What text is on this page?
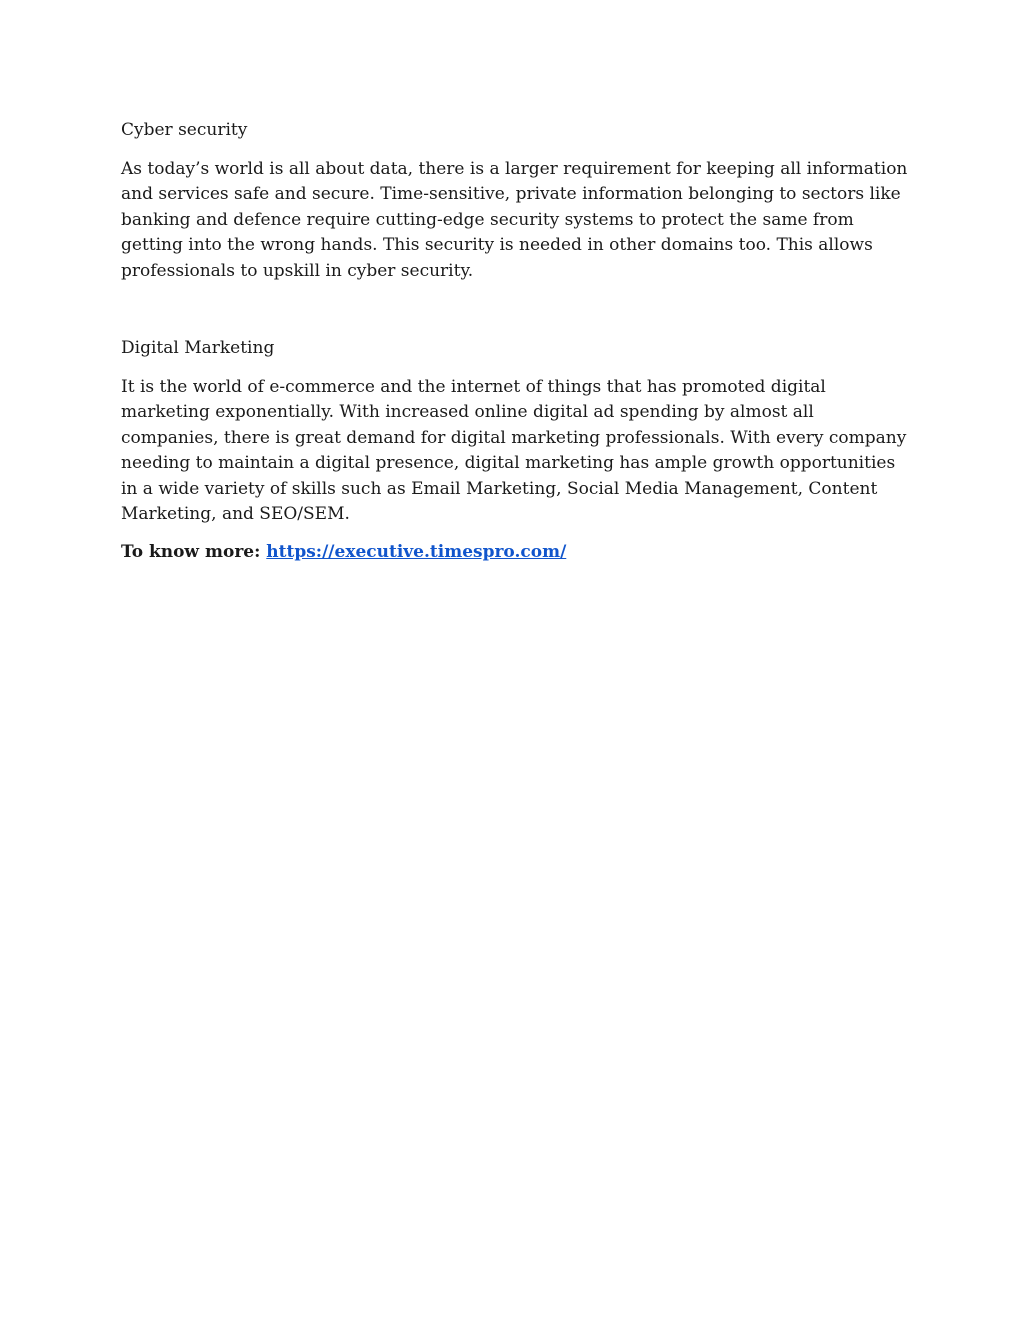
Cyber security

As today’s world is all about data, there is a larger requirement for keeping all information and services safe and secure. Time-sensitive, private information belonging to sectors like banking and defence require cutting-edge security systems to protect the same from getting into the wrong hands. This security is needed in other domains too. This allows professionals to upskill in cyber security.

Digital Marketing

It is the world of e-commerce and the internet of things that has promoted digital marketing exponentially. With increased online digital ad spending by almost all companies, there is great demand for digital marketing professionals. With every company needing to maintain a digital presence, digital marketing has ample growth opportunities in a wide variety of skills such as Email Marketing, Social Media Management, Content Marketing, and SEO/SEM.

To know more: https://executive.timespro.com/
